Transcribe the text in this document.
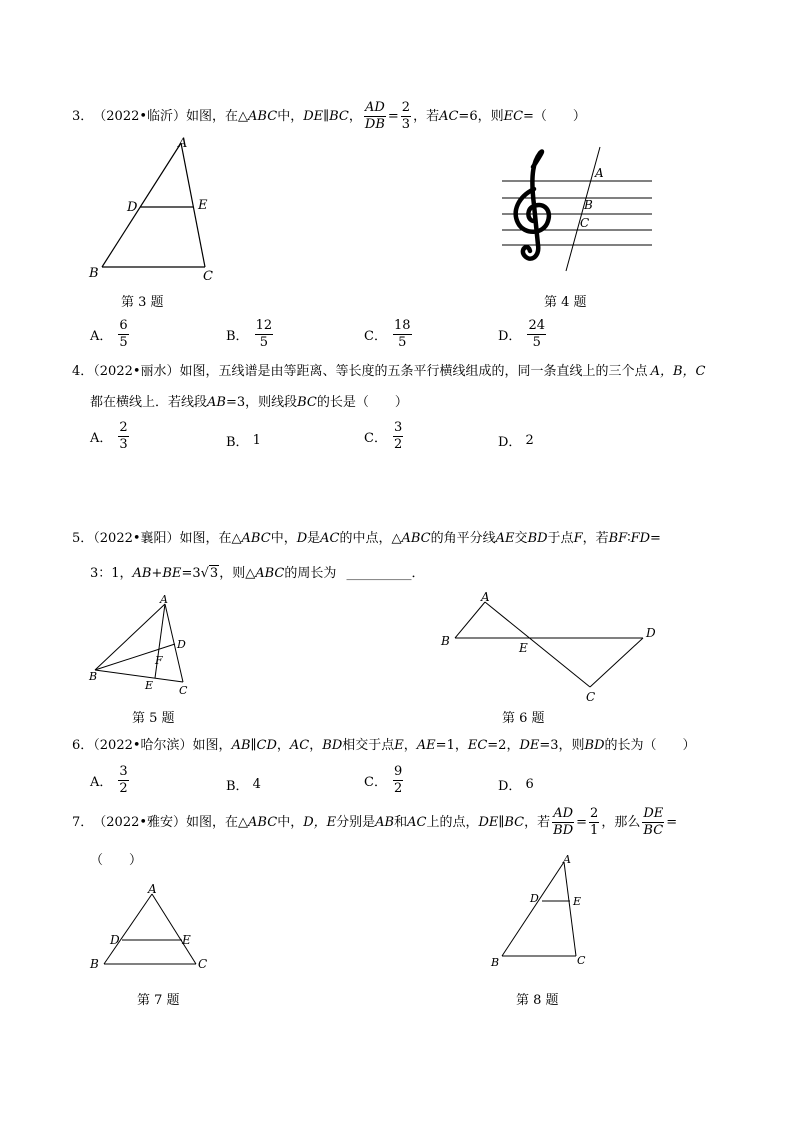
3． （2022•临沂） 如图，在△ ABC 中， DE∥BC ， $\frac{AD}{DB} = \frac{2}{3}$ ，若 AC =6，则 EC =（　　）
A
B	C
D	E
第 3 题
A
B
C
第 4 题
A． $\frac{6}{5}$	B． $\frac{12}{5}$	C． $\frac{18}{5}$	D． $\frac{24}{5}$
4．（2022•丽水）如图，五线谱是由等距离、等长度的五条平行横线组成的，同一条直线上的三个点 A，B，C
都在横线上．若线段AB=3，则线段BC的长是（　　）
A． $\frac{2}{3}$	B． 1	C． $\frac{3}{2}$	D． 2
5．（2022•襄阳）如图，在△ABC中，D是AC的中点，△ABC的角平分线AE交BD于点F，若BF∶FD=
3：1，AB+BE=3√3，则△ABC的周长为 __________．
A
B
C
D
E
F
第 5 题
A
B
C
D
E
第 6 题
6．（2022•哈尔滨）如图，AB∥CD，AC，BD相交于点E，AE=1，EC=2，DE=3，则BD的长为（　　）
A． $\frac{3}{2}$	B． 4	C． $\frac{9}{2}$	D． 6
7． （2022•雅安） 如图，在△ ABC 中， D，E 分别是 AB 和 AC 上的点， DE∥BC ，若 $\frac{AD}{BD} = \frac{2}{1}$ ，那么 $\frac{DE}{BC}$ =
（　　）
A
B	C
D	E
第 7 题
A
B	C
D	E
第 8 题
